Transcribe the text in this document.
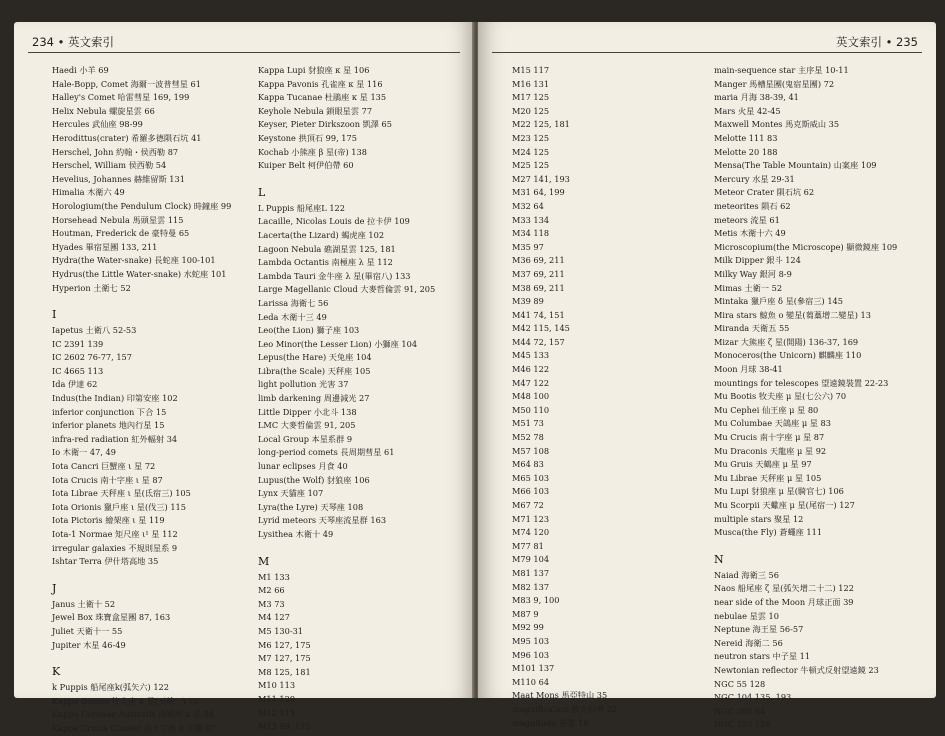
234 • 英文索引
Haedi 小羊 69
Hale-Bopp, Comet 海爾一波普彗星 61
Halley's Comet 哈雷彗星 169, 199
Helix Nebula 螺旋星雲 66
Hercules 武仙座 98-99
Herodittus(crater) 希羅多德隕石坑 41
Herschel, John 約翰・侯西勒 87
Herschel, William 侯西勒 54
Hevelius, Johannes 赫維留斯 131
Himalia 木衛六 49
Horologium(the Pendulum Clock) 時鐘座 99
Horsehead Nebula 馬頭星雲 115
Houtman, Frederick de 豪特曼 65
Hyades 畢宿星團 133, 211
Hydra(the Water-snake) 長蛇座 100-101
Hydrus(the Little Water-snake) 水蛇座 101
Hyperion 土衛七 52
I
Iapetus 土衛八 52-53
IC 2391 139
IC 2602 76-77, 157
IC 4665 113
Ida 伊達 62
Indus(the Indian) 印第安座 102
inferior conjunction 下合 15
inferior planets 地內行星 15
infra-red radiation 紅外輻射 34
Io 木衛一 47, 49
Iota Cancri 巨蟹座 ι 星 72
Iota Crucis 南十字座 ι 星 87
Iota Librae 天秤座 ι 星(氐宿三) 105
Iota Orionis 獵戶座 ι 星(伐三) 115
Iota Pictoris 繪架座 ι 星 119
Iota-1 Normae 矩尺座 ι¹ 星 112
irregular galaxies 不規則星系 9
Ishtar Terra 伊什塔高地 35
J
Janus 土衛十 52
Jewel Box 珠寶盒星團 87, 163
Juliet 天衛十一 55
Jupiter 木星 46-49
K
k Puppis 船尾座k(弧矢六) 122
Kappa Bootes 牧夫座 κ 星(天槍一) 70
Kappa Coronae Australis 南冕座 κ 星 84
Kappa Crucis Cluster 南十字座 κ 星團 87
Kappa Lupi 豺狼座 κ 星 106
Kappa Pavonis 孔雀座 κ 星 116
Kappa Tucanae 杜鵑座 κ 星 135
Keyhole Nebula 鎖眼星雲 77
Keyser, Pieter Dirkszoon 凱澤 65
Keystone 拱頂石 99, 175
Kochab 小熊座 β 星(帝) 138
Kuiper Belt 柯伊伯帶 60
L
L Puppis 船尾座L 122
Lacaille, Nicolas Louis de 拉卡伊 109
Lacerta(the Lizard) 蝎虎座 102
Lagoon Nebula 礁湖星雲 125, 181
Lambda Octantis 南極座 λ 星 112
Lambda Tauri 金牛座 λ 星(畢宿八) 133
Large Magellanic Cloud 大麥哲倫雲 91, 205
Larissa 海衛七 56
Leda 木衛十三 49
Leo(the Lion) 獅子座 103
Leo Minor(the Lesser Lion) 小獅座 104
Lepus(the Hare) 天兔座 104
Libra(the Scale) 天秤座 105
light pollution 光害 37
limb darkening 周邊減光 27
Little Dipper 小北斗 138
LMC 大麥哲倫雲 91, 205
Local Group 本星系群 9
long-period comets 長周期彗星 61
lunar eclipses 月食 40
Lupus(the Wolf) 豺狼座 106
Lynx 天貓座 107
Lyra(the Lyre) 天琴座 108
Lyrid meteors 天琴座流星群 163
Lysithea 木衛十 49
M
M1 133
M2 66
M3 73
M4 127
M5 130-31
M6 127, 175
M7 127, 175
M8 125, 181
M10 113
M11 129
M12 113
M13 99, 175
英文索引 • 235
M15 117
M16 131
M17 125
M20 125
M22 125, 181
M23 125
M24 125
M25 125
M27 141, 193
M31 64, 199
M32 64
M33 134
M34 118
M35 97
M36 69, 211
M37 69, 211
M38 69, 211
M39 89
M41 74, 151
M42 115, 145
M44 72, 157
M45 133
M46 122
M47 122
M48 100
M50 110
M51 73
M52 78
M57 108
M64 83
M65 103
M66 103
M67 72
M71 123
M74 120
M77 81
M79 104
M81 137
M82 137
M83 9, 100
M87 9
M92 99
M95 103
M96 103
M101 137
M110 64
Maat Mons 馬亞特山 35
magnification 放大倍率 22
magnitude 星等 18
main-sequence star 主序星 10-11
Manger 馬槽星團(鬼宿星團) 72
maria 月海 38-39, 41
Mars 火星 42-45
Maxwell Montes 馬克斯威山 35
Melotte 111 83
Melotte 20 188
Mensa(The Table Mountain) 山案座 109
Mercury 水星 29-31
Meteor Crater 隕石坑 62
meteorites 隕石 62
meteors 流星 61
Metis 木衛十六 49
Microscopium(the Microscope) 顯微鏡座 109
Milk Dipper 銀斗 124
Milky Way 銀河 8-9
Mimas 土衛一 52
Mintaka 獵戶座 δ 星(參宿三) 145
Mira stars 鯨魚 ο 變星(蒭藁增二變星) 13
Miranda 天衛五 55
Mizar 大熊座 ζ 星(開陽) 136-37, 169
Monoceros(the Unicorn) 麒麟座 110
Moon 月球 38-41
mountings for telescopes 望遠鏡裝置 22-23
Mu Bootis 牧夫座 μ 星(七公六) 70
Mu Cephei 仙王座 μ 星 80
Mu Columbae 天鴿座 μ 星 83
Mu Crucis 南十字座 μ 星 87
Mu Draconis 天龍座 μ 星 92
Mu Gruis 天鶴座 μ 星 97
Mu Librae 天秤座 μ 星 105
Mu Lupi 豺狼座 μ 星(騎官七) 106
Mu Scorpii 天蠍座 μ 星(尾宿一) 127
multiple stars 聚星 12
Musca(the Fly) 蒼蠅座 111
N
Naiad 海衛三 56
Naos 船尾座 ζ 星(弧矢增二十二) 122
near side of the Moon 月球正面 39
nebulae 星雲 10
Neptune 海王星 56-57
Nereid 海衛二 56
neutron stars 中子星 11
Newtonian reflector 牛頓式反射望遠鏡 23
NGC 55 128
NGC 104 135, 193
NGC 205 64
NGC 253 128
